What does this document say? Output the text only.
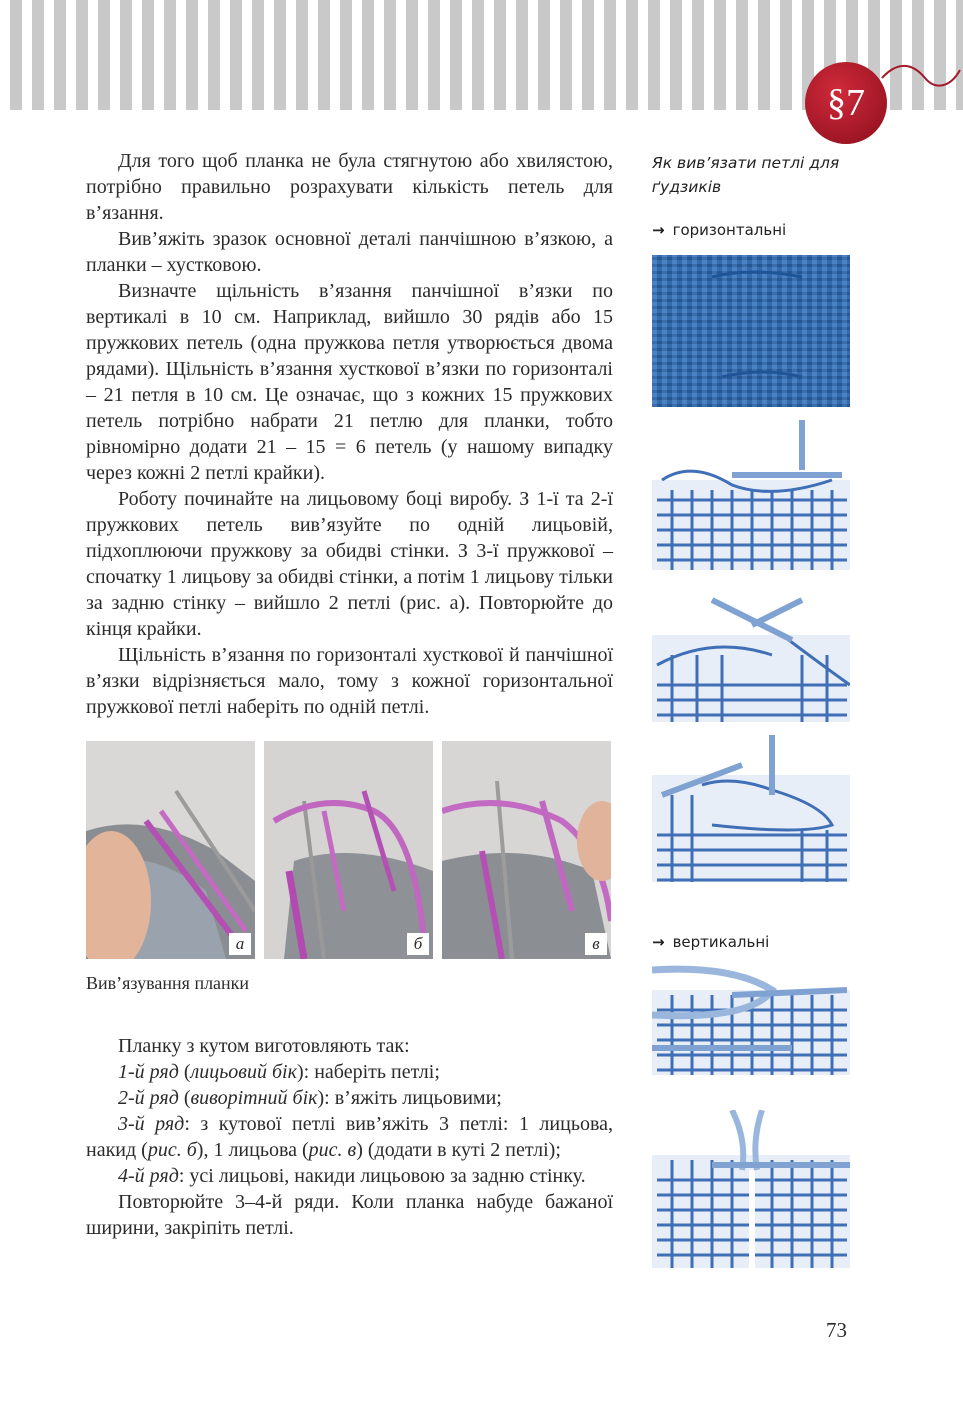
§7

Для того щоб планка не була стягнутою або хвилястою, потрібно правильно розрахувати кількість петель для в’язання.

Вив’яжіть зразок основної деталі панчішною в’язкою, а планки – хустковою.

Визначте щільність в’язання панчішної в’язки по вертикалі в 10 см. Наприклад, вийшло 30 рядів або 15 пружкових петель (одна пружкова петля утворюється двома рядами). Щільність в’язання хусткової в’язки по горизонталі – 21 петля в 10 см. Це означає, що з кожних 15 пружкових петель потрібно набрати 21 петлю для планки, тобто рівномірно додати 21 – 15 = 6 петель (у нашому випадку через кожні 2 петлі крайки).

Роботу починайте на лицьовому боці виробу. З 1-ї та 2-ї пружкових петель вив’язуйте по одній лицьовій, підхоплюючи пружкову за обидві стінки. З 3-ї пружкової – спочатку 1 лицьову за обидві стінки, а потім 1 лицьову тільки за задню стінку – вийшло 2 петлі (рис. а). Повторюйте до кінця крайки.

Щільність в’язання по горизонталі хусткової й панчішної в’язки відрізняється мало, тому з кожної горизонтальної пружкової петлі наберіть по одній петлі.

а	б	в
Вив’язування планки

Планку з кутом виготовляють так:

1-й ряд (лицьовий бік): наберіть петлі;

2-й ряд (виворітний бік): в’яжіть лицьовими;

3-й ряд: з кутової петлі вив’яжіть 3 петлі: 1 лицьова, накид (рис. б), 1 лицьова (рис. в) (додати в куті 2 петлі);

4-й ряд: усі лицьові, накиди лицьовою за задню стінку.

Повторюйте 3–4-й ряди. Коли планка набуде бажаної ширини, закріпіть петлі.

Як вив’язати петлі для ґудзиків
→ горизонтальні
→ вертикальні
73
